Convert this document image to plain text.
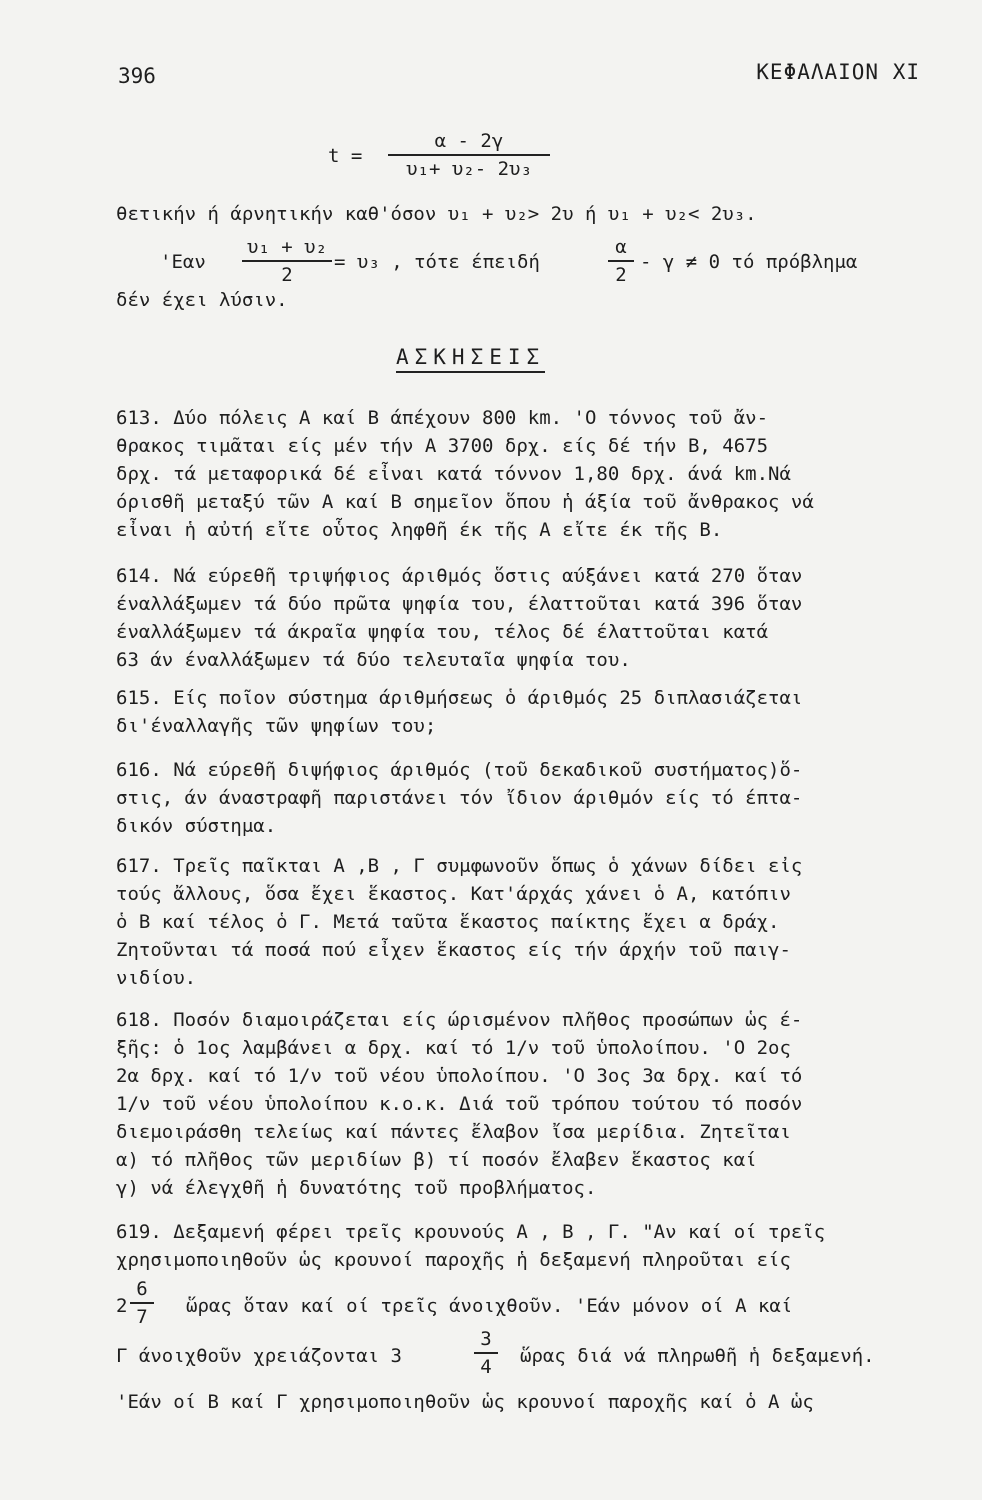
396	ΚΕΦΑΛΑΙΟΝ XI
t =
α - 2γ
υ₁+ υ₂- 2υ₃
θετικήν ή άρνητικήν καθ'όσον υ₁ + υ₂> 2υ ή υ₁ + υ₂< 2υ₃.
'Εαν
υ₁ + υ₂
2
= υ₃ , τότε έπειδή
α
2
- γ ≠ 0 τό πρόβλημα
δέν έχει λύσιν.
ΑΣΚΗΣΕΙΣ
613. Δύο πόλεις Α καί Β άπέχουν 800 km. 'Ο τόννος τοῦ ἄν-
θρακος τιμᾶται είς μέν τήν Α 3700 δρχ. είς δέ τήν Β, 4675
δρχ. τά μεταφορικά δέ εἶναι κατά τόννον 1,80 δρχ. άνά km.Νά
όρισθῆ μεταξύ τῶν Α καί Β σημεῖον ὅπου ἡ άξία τοῦ ἄνθρακος νά
εἶναι ἡ αὐτή εἴτε οὗτος ληφθῆ έκ τῆς Α εἴτε έκ τῆς Β.
614. Νά εύρεθῆ τριψήφιος άριθμός ὅστις αύξάνει κατά 270 ὅταν
έναλλάξωμεν τά δύο πρῶτα ψηφία του, έλαττοῦται κατά 396 ὅταν
έναλλάξωμεν τά άκραῖα ψηφία του, τέλος δέ έλαττοῦται κατά
63 άν έναλλάξωμεν τά δύο τελευταῖα ψηφία του.
615. Είς ποῖον σύστημα άριθμήσεως ὁ άριθμός 25 διπλασιάζεται
δι'έναλλαγῆς τῶν ψηφίων του;
616. Νά εύρεθῆ διψήφιος άριθμός (τοῦ δεκαδικοῦ συστήματος)ὅ-
στις, άν άναστραφῆ παριστάνει τόν ἴδιον άριθμόν είς τό έπτα-
δικόν σύστημα.
617. Τρεῖς παῖκται Α ,Β , Γ συμφωνοῦν ὅπως ὁ χάνων δίδει εἰς
τούς ἄλλους, ὅσα ἔχει ἕκαστος. Κατ'άρχάς χάνει ὁ Α, κατόπιν
ὁ Β καί τέλος ὁ Γ. Μετά ταῦτα ἕκαστος παίκτης ἔχει α δράχ.
Ζητοῦνται τά ποσά πού εἶχεν ἕκαστος είς τήν άρχήν τοῦ παιγ-
νιδίου.
618. Ποσόν διαμοιράζεται είς ώρισμένον πλῆθος προσώπων ὡς έ-
ξῆς: ὁ 1ος λαμβάνει α δρχ. καί τό 1/ν τοῦ ὑπολοίπου. 'Ο 2ος
2α δρχ. καί τό 1/ν τοῦ νέου ὑπολοίπου. 'Ο 3ος 3α δρχ. καί τό
1/ν τοῦ νέου ὑπολοίπου κ.ο.κ. Διά τοῦ τρόπου τούτου τό ποσόν
διεμοιράσθη τελείως καί πάντες ἔλαβον ἴσα μερίδια. Ζητεῖται
α) τό πλῆθος τῶν μεριδίων β) τί ποσόν ἔλαβεν ἕκαστος καί
γ) νά έλεγχθῆ ἡ δυνατότης τοῦ προβλήματος.
619. Δεξαμενή φέρει τρεῖς κρουνούς Α , Β , Γ. "Αν καί οί τρεῖς
χρησιμοποιηθοῦν ὡς κρουνοί παροχῆς ἡ δεξαμενή πληροῦται είς
2
6
7	ὥρας ὅταν καί οί τρεῖς άνοιχθοῦν. 'Εάν μόνον οί Α καί
Γ άνοιχθοῦν χρειάζονται 3
3
4	ὥρας διά νά πληρωθῆ ἡ δεξαμενή.
'Εάν οί Β καί Γ χρησιμοποιηθοῦν ὡς κρουνοί παροχῆς καί ὁ Α ὡς
